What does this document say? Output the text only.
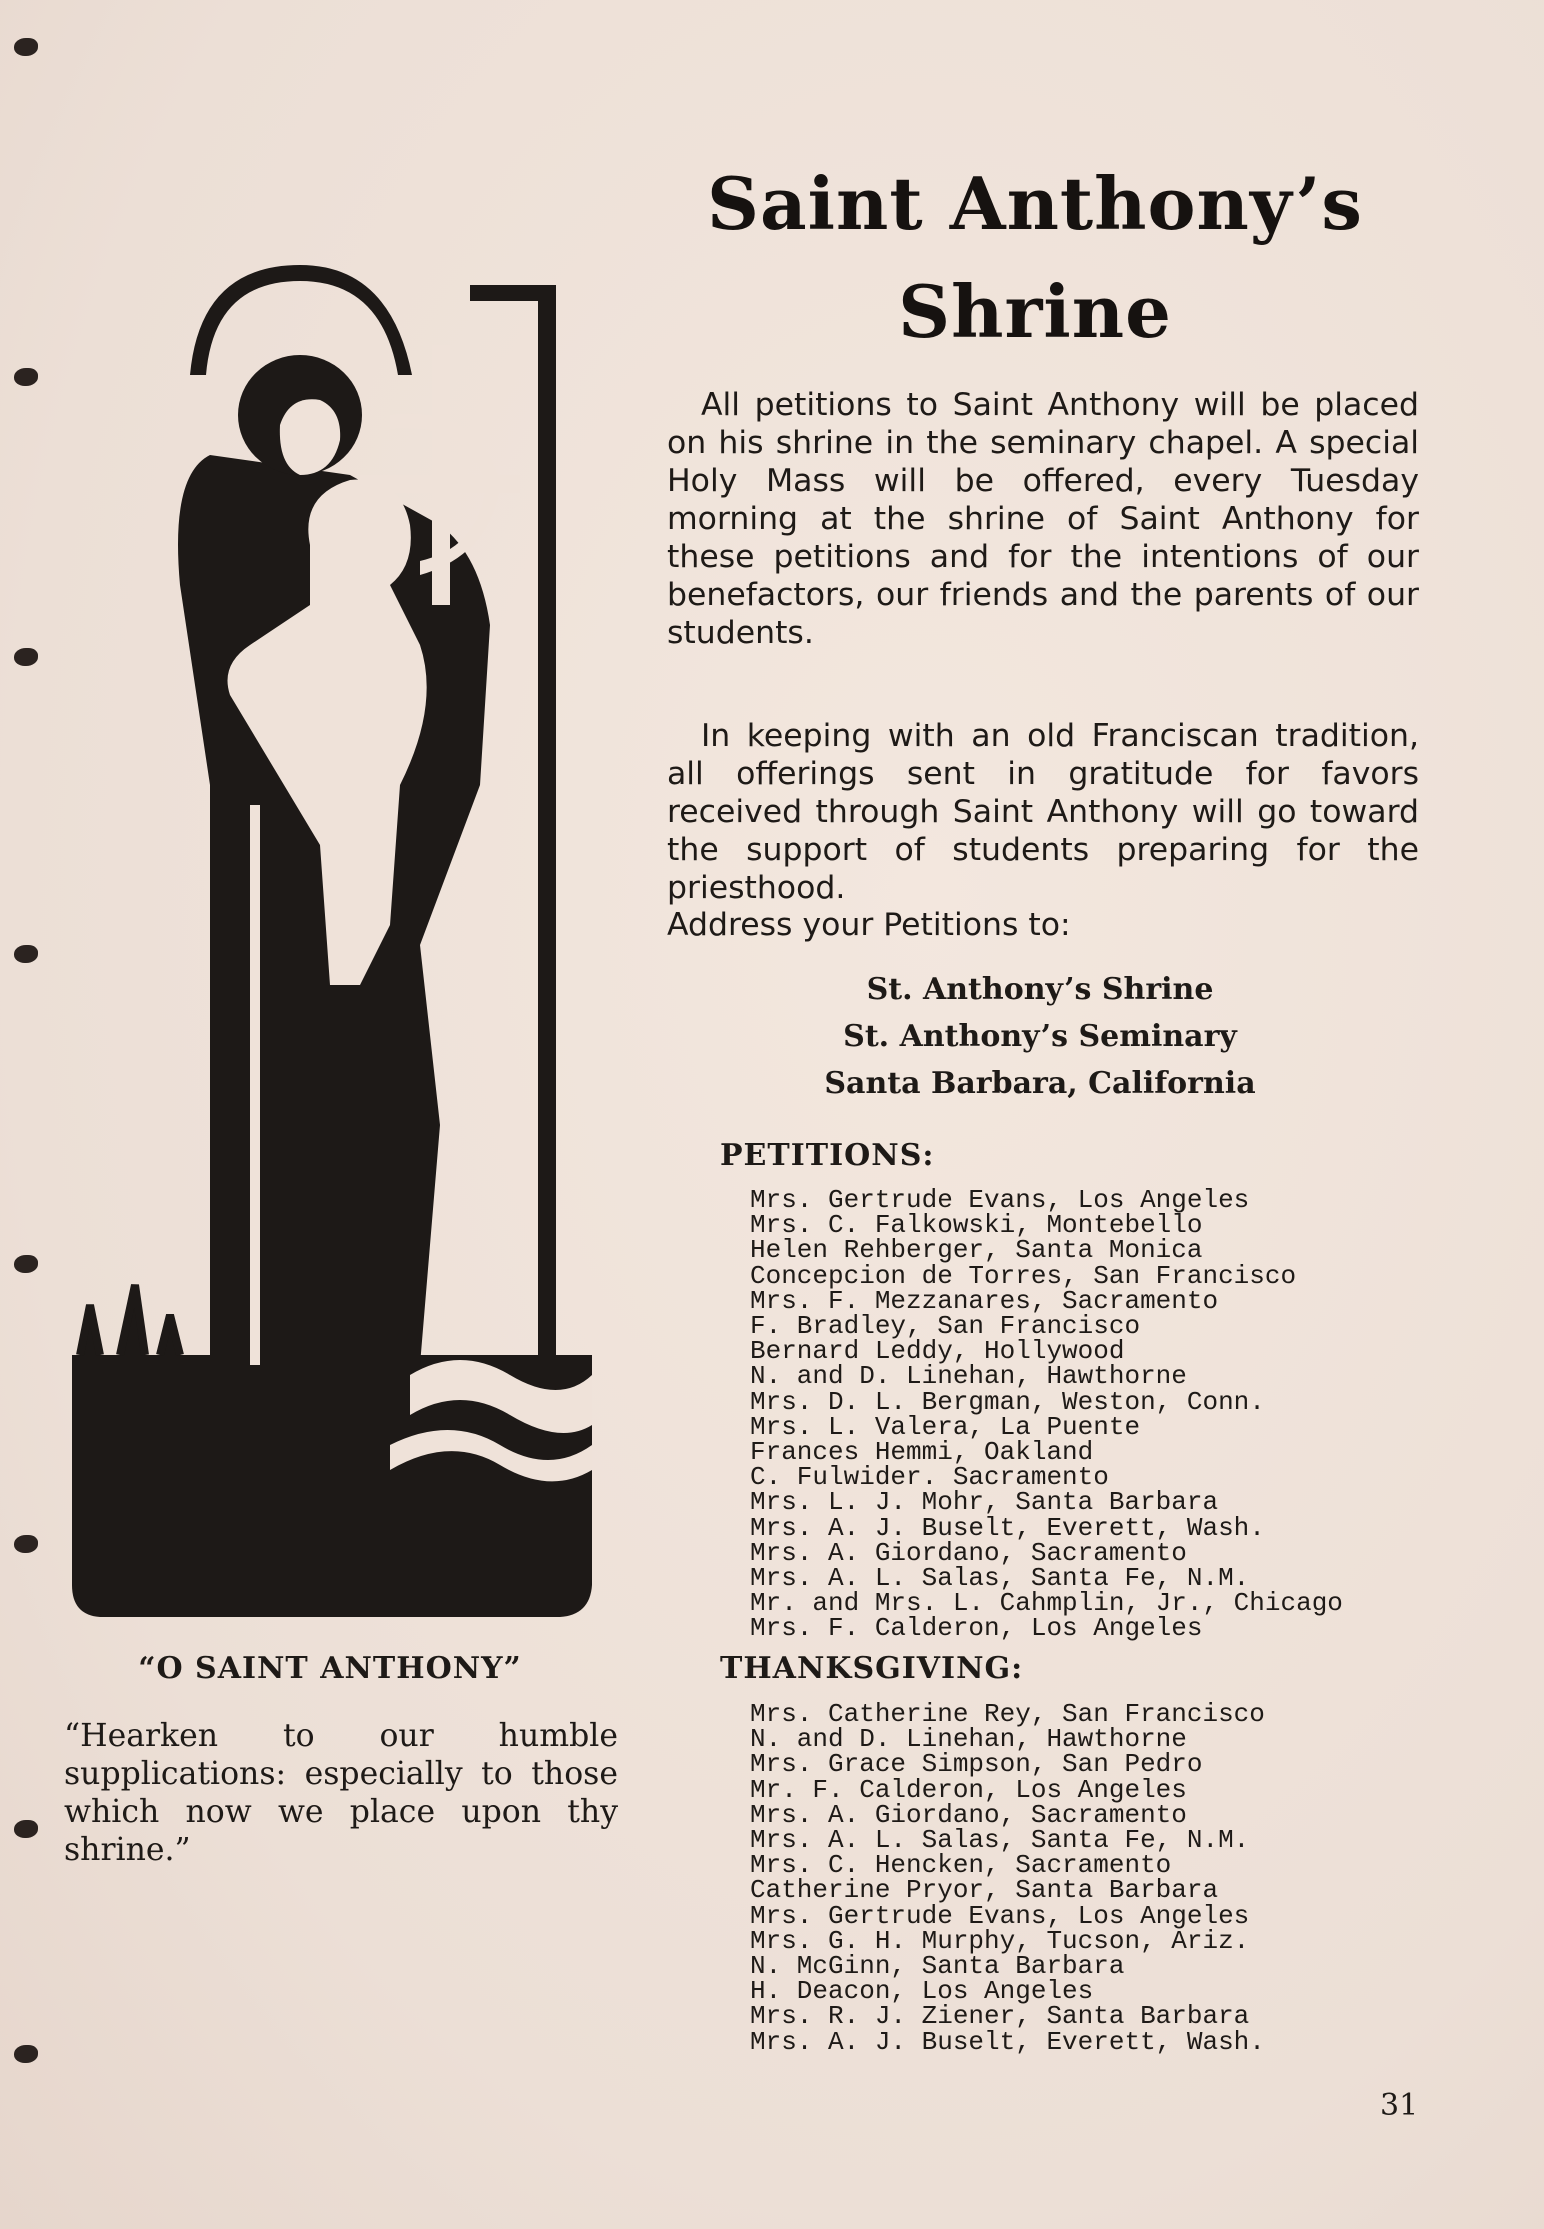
Saint Anthony’s
Shrine
All petitions to Saint Anthony will be placed on his shrine in the seminary chapel. A special Holy Mass will be offered, every Tuesday morning at the shrine of Saint Anthony for these petitions and for the intentions of our benefactors, our friends and the parents of our students.
In keeping with an old Franciscan tradition, all offerings sent in gratitude for favors received through Saint Anthony will go toward the support of students preparing for the priesthood.
Address your Petitions to:
St. Anthony’s Shrine
St. Anthony’s Seminary
Santa Barbara, California
PETITIONS:
Mrs. Gertrude Evans, Los Angeles
Mrs. C. Falkowski, Montebello
Helen Rehberger, Santa Monica
Concepcion de Torres, San Francisco
Mrs. F. Mezzanares, Sacramento
F. Bradley, San Francisco
Bernard Leddy, Hollywood
N. and D. Linehan, Hawthorne
Mrs. D. L. Bergman, Weston, Conn.
Mrs. L. Valera, La Puente
Frances Hemmi, Oakland
C. Fulwider. Sacramento
Mrs. L. J. Mohr, Santa Barbara
Mrs. A. J. Buselt, Everett, Wash.
Mrs. A. Giordano, Sacramento
Mrs. A. L. Salas, Santa Fe, N.M.
Mr. and Mrs. L. Cahmplin, Jr., Chicago
Mrs. F. Calderon, Los Angeles
THANKSGIVING:
Mrs. Catherine Rey, San Francisco
N. and D. Linehan, Hawthorne
Mrs. Grace Simpson, San Pedro
Mr. F. Calderon, Los Angeles
Mrs. A. Giordano, Sacramento
Mrs. A. L. Salas, Santa Fe, N.M.
Mrs. C. Hencken, Sacramento
Catherine Pryor, Santa Barbara
Mrs. Gertrude Evans, Los Angeles
Mrs. G. H. Murphy, Tucson, Ariz.
N. McGinn, Santa Barbara
H. Deacon, Los Angeles
Mrs. R. J. Ziener, Santa Barbara
Mrs. A. J. Buselt, Everett, Wash.
31
“O SAINT ANTHONY”
“Hearken to our humble supplications: especially to those which now we place upon thy shrine.”
